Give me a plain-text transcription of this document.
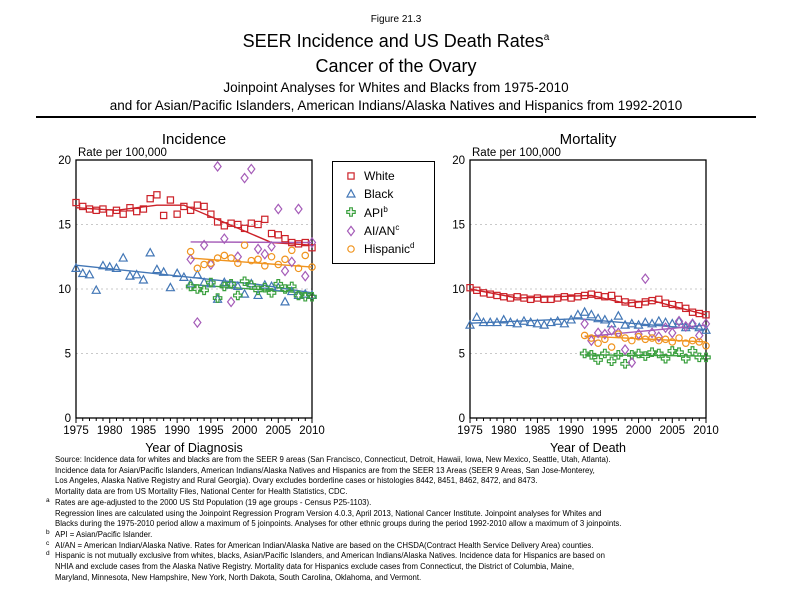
Figure 21.3
SEER Incidence and US Death Rates$^a$
Cancer of the Ovary
Joinpoint Analyses for Whites and Blacks from 1975-2010
and for Asian/Pacific Islanders, American Indians/Alaska Natives and Hispanics from 1992-2010
Incidence
Rate per 100,000
1975 1980 1985 1990 1995 2000 2005 2010
0
5
10
15
20
Year of Diagnosis
White
Black
API$^b$
$AI/AN^c$
Hispanic$^d$
Mortality
Rate per 100,000
1975 1980 1985 1990 1995 2000 2005 2010
0
5
10
15
20
Year of Death
Source: Incidence data for whites and blacks are from the SEER 9 areas (San Francisco, Connecticut, Detroit, Hawaii, Iowa, New Mexico, Seattle, Utah, Atlanta).
Incidence data for Asian/Pacific Islanders, American Indians/Alaska Natives and Hispanics are from the SEER 13 Areas (SEER 9 Areas, San Jose-Monterey,
Los Angeles, Alaska Native Registry and Rural Georgia). Ovary excludes borderline cases or histologies 8442, 8451, 8462, 8472, and 8473.
Mortality data are from US Mortality Files, National Center for Health Statistics, CDC.
a Rates are age-adjusted to the 2000 US Std Population (19 age groups - Census P25-1103).
Regression lines are calculated using the Joinpoint Regression Program Version 4.0.3, April 2013, National Cancer Institute. Joinpoint analyses for Whites and
Blacks during the 1975-2010 period allow a maximum of 5 joinpoints. Analyses for other ethnic groups during the period 1992-2010 allow a maximum of 3 joinpoints.
b API = Asian/Pacific Islander.
c AI/AN = American Indian/Alaska Native. Rates for American Indian/Alaska Native are based on the CHSDA(Contract Health Service Delivery Area) counties.
d Hispanic is not mutually exclusive from whites, blacks, Asian/Pacific Islanders, and American Indians/Alaska Natives. Incidence data for Hispanics are based on
NHIA and exclude cases from the Alaska Native Registry. Mortality data for Hispanics exclude cases from Connecticut, the District of Columbia, Maine,
Maryland, Minnesota, New Hampshire, New York, North Dakota, South Carolina, Oklahoma, and Vermont.
